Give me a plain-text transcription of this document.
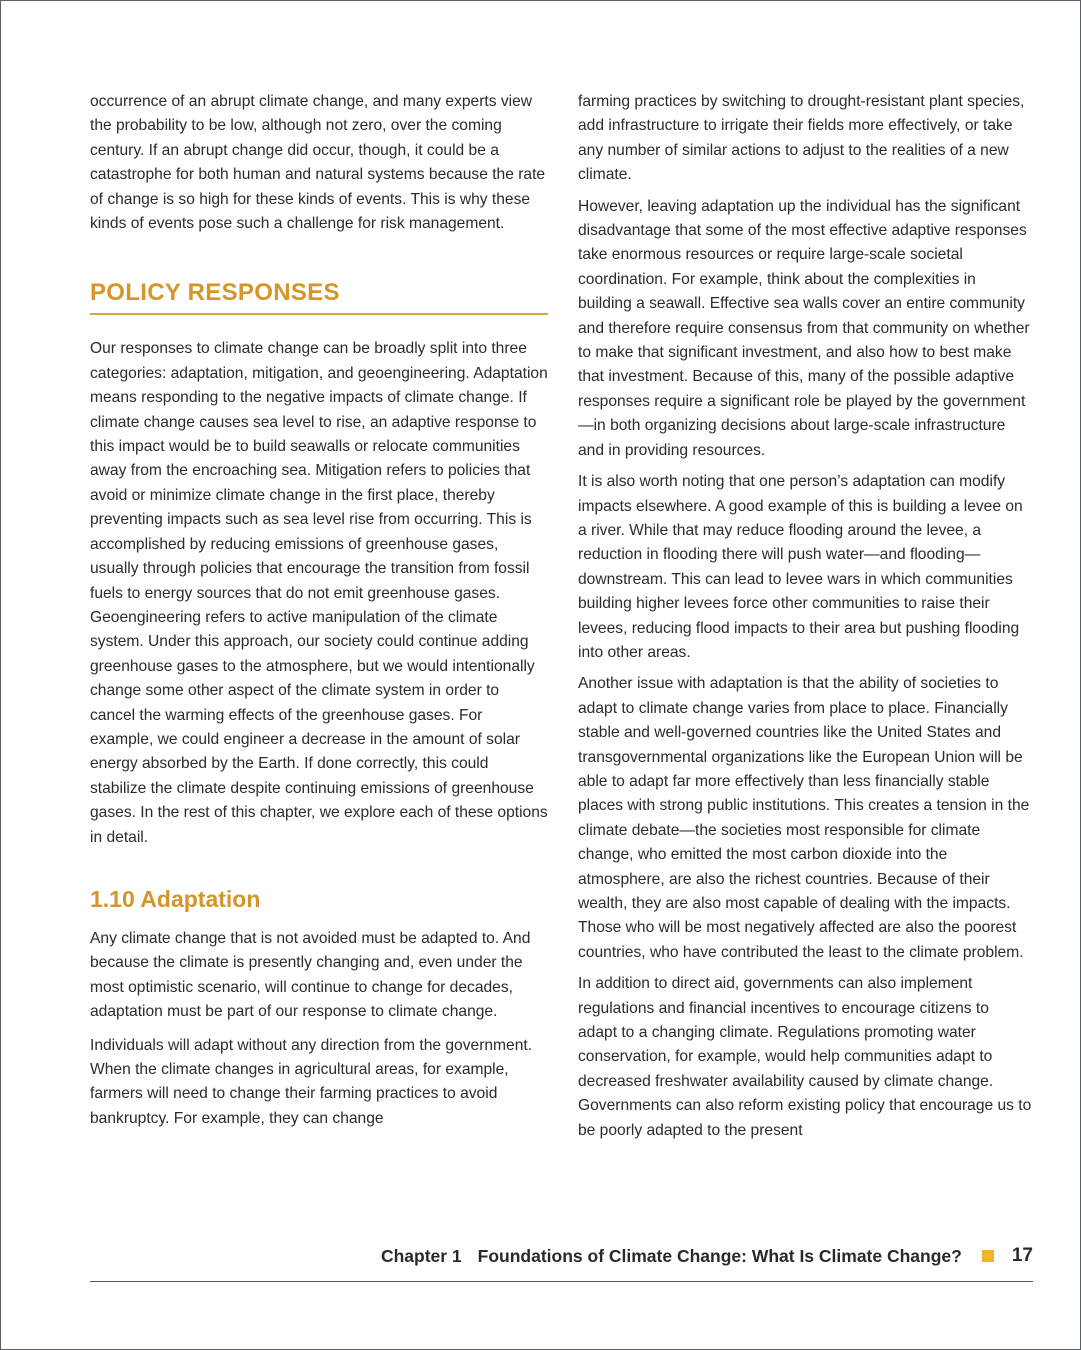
occurrence of an abrupt climate change, and many experts view the probability to be low, although not zero, over the coming century. If an abrupt change did occur, though, it could be a catastrophe for both human and natural systems because the rate of change is so high for these kinds of events. This is why these kinds of events pose such a challenge for risk management.

POLICY RESPONSES

Our responses to climate change can be broadly split into three categories: adaptation, mitigation, and geoengineering. Adaptation means responding to the negative impacts of climate change. If climate change causes sea level to rise, an adaptive response to this impact would be to build seawalls or relocate communities away from the encroaching sea. Mitigation refers to policies that avoid or minimize climate change in the first place, thereby preventing impacts such as sea level rise from occurring. This is accomplished by reducing emissions of greenhouse gases, usually through policies that encourage the transition from fossil fuels to energy sources that do not emit greenhouse gases. Geoengineering refers to active manipulation of the climate system. Under this approach, our society could continue adding greenhouse gases to the atmosphere, but we would intentionally change some other aspect of the climate system in order to cancel the warming effects of the greenhouse gases. For example, we could engineer a decrease in the amount of solar energy absorbed by the Earth. If done correctly, this could stabilize the climate despite continuing emissions of greenhouse gases. In the rest of this chapter, we explore each of these options in detail.

1.10 Adaptation

Any climate change that is not avoided must be adapted to. And because the climate is presently changing and, even under the most optimistic scenario, will continue to change for decades, adaptation must be part of our response to climate change.

Individuals will adapt without any direction from the government. When the climate changes in agricultural areas, for example, farmers will need to change their farming practices to avoid bankruptcy. For example, they can change

farming practices by switching to drought-resistant plant species, add infrastructure to irrigate their fields more effectively, or take any number of similar actions to adjust to the realities of a new climate.

However, leaving adaptation up the individual has the significant disadvantage that some of the most effective adaptive responses take enormous resources or require large-scale societal coordination. For example, think about the complexities in building a seawall. Effective sea walls cover an entire community and therefore require consensus from that community on whether to make that significant investment, and also how to best make that investment. Because of this, many of the possible adaptive responses require a significant role be played by the government—in both organizing decisions about large-scale infrastructure and in providing resources.

It is also worth noting that one person’s adaptation can modify impacts elsewhere. A good example of this is building a levee on a river. While that may reduce flooding around the levee, a reduction in flooding there will push water—and flooding—downstream. This can lead to levee wars in which communities building higher levees force other communities to raise their levees, reducing flood impacts to their area but pushing flooding into other areas.

Another issue with adaptation is that the ability of societies to adapt to climate change varies from place to place. Financially stable and well-governed countries like the United States and transgovernmental organizations like the European Union will be able to adapt far more effectively than less financially stable places with strong public institutions. This creates a tension in the climate debate—the societies most responsible for climate change, who emitted the most carbon dioxide into the atmosphere, are also the richest countries. Because of their wealth, they are also most capable of dealing with the impacts. Those who will be most negatively affected are also the poorest countries, who have contributed the least to the climate problem.

In addition to direct aid, governments can also implement regulations and financial incentives to encourage citizens to adapt to a changing climate. Regulations promoting water conservation, for example, would help communities adapt to decreased freshwater availability caused by climate change. Governments can also reform existing policy that encourage us to be poorly adapted to the present

Chapter 1 Foundations of Climate Change: What Is Climate Change?	17
